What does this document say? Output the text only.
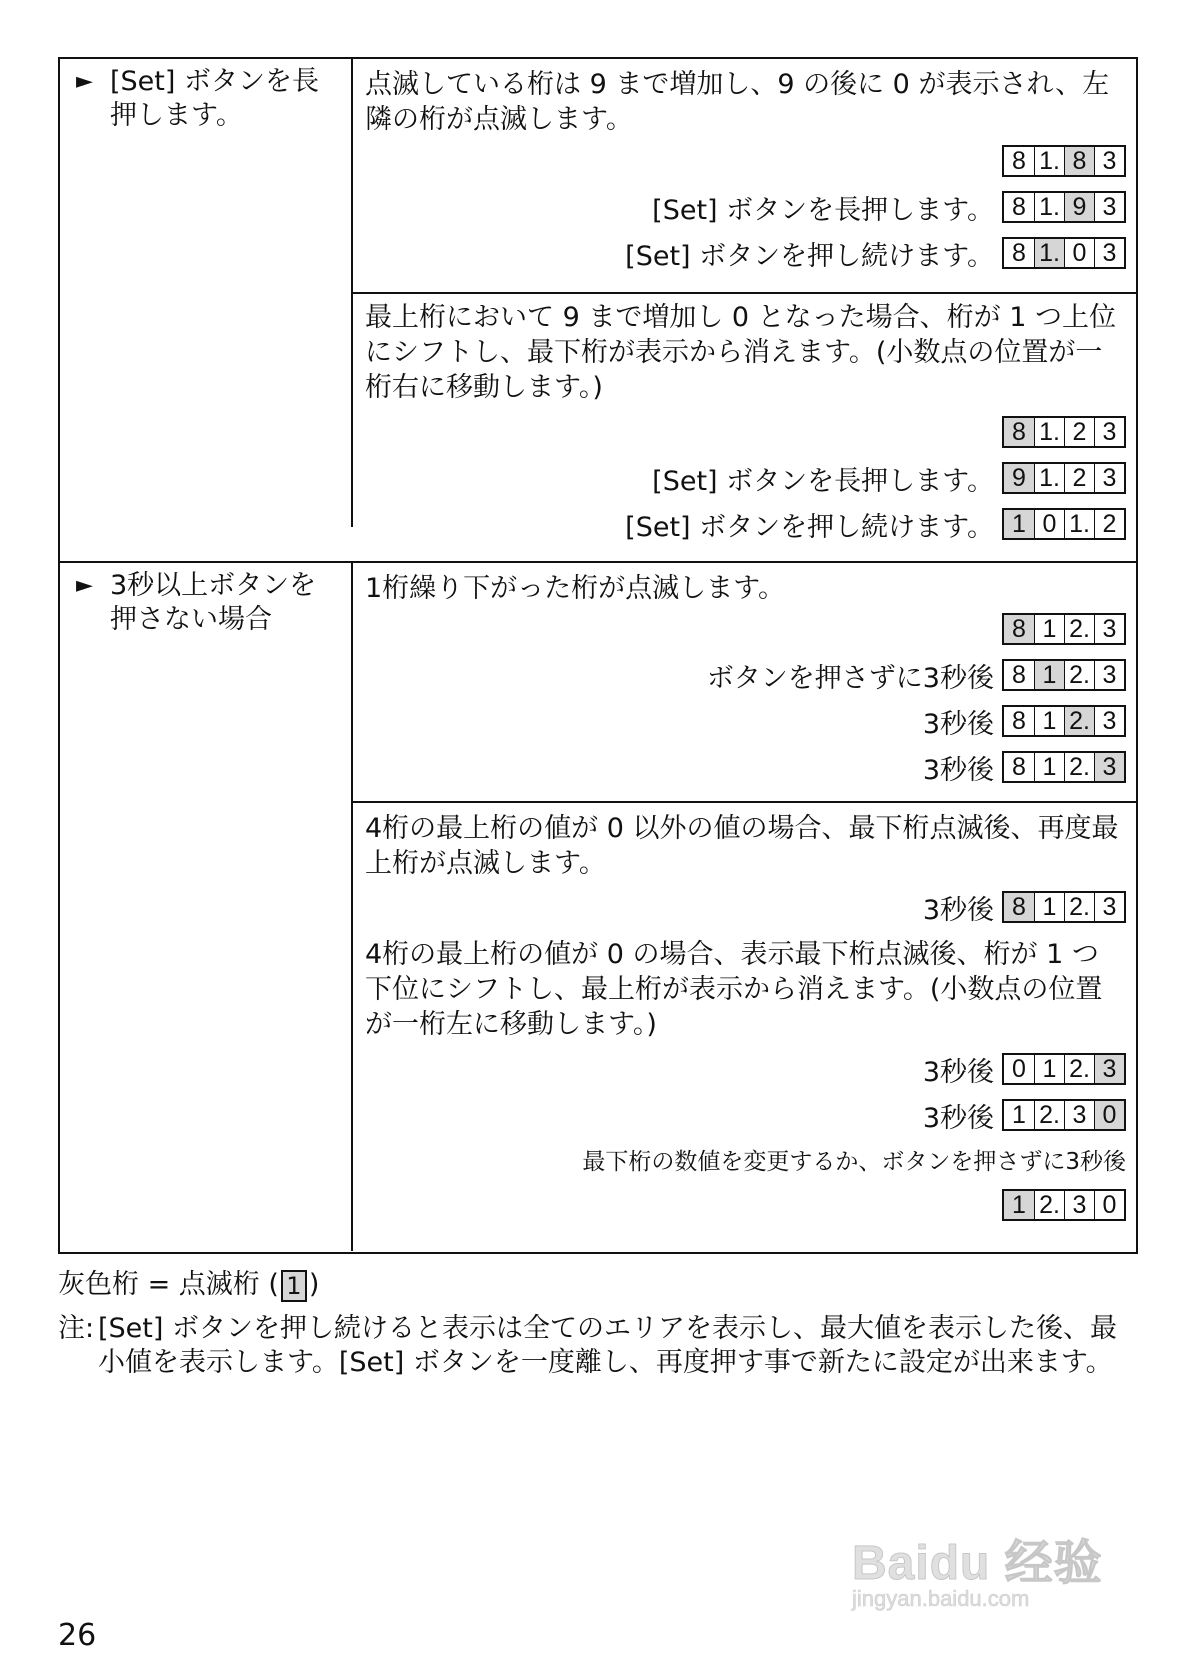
► [Set] ボタンを長押します。
点滅している桁は 9 まで増加し、9 の後に 0 が表示され、左隣の桁が点滅します。
8 1. 8 3
[Set] ボタンを長押します。 8 1. 9 3
[Set] ボタンを押し続けます。 8 1. 0 3
最上桁において 9 まで増加し 0 となった場合、桁が 1 つ上位にシフトし、最下桁が表示から消えます。(小数点の位置が一桁右に移動します。)
8 1. 2 3
[Set] ボタンを長押します。 9 1. 2 3
[Set] ボタンを押し続けます。 1 0 1. 2
► 3秒以上ボタンを押さない場合
1桁繰り下がった桁が点滅します。
8 1 2. 3
ボタンを押さずに3秒後 8 1 2. 3
3秒後 8 1 2. 3
3秒後 8 1 2. 3
4桁の最上桁の値が 0 以外の値の場合、最下桁点滅後、再度最上桁が点滅します。
3秒後 8 1 2. 3
4桁の最上桁の値が 0 の場合、表示最下桁点滅後、桁が 1 つ下位にシフトし、最上桁が表示から消えます。(小数点の位置が一桁左に移動します。)
3秒後 0 1 2. 3
3秒後 1 2. 3 0
最下桁の数値を変更するか、ボタンを押さずに3秒後
1 2. 3 0
灰色桁 = 点滅桁 ( 1 )
注: [Set] ボタンを押し続けると表示は全てのエリアを表示し、最大値を表示した後、最小値を表示します。[Set] ボタンを一度離し、再度押す事で新たに設定が出来ます。
Baidu 经验
jingyan.baidu.com
26
